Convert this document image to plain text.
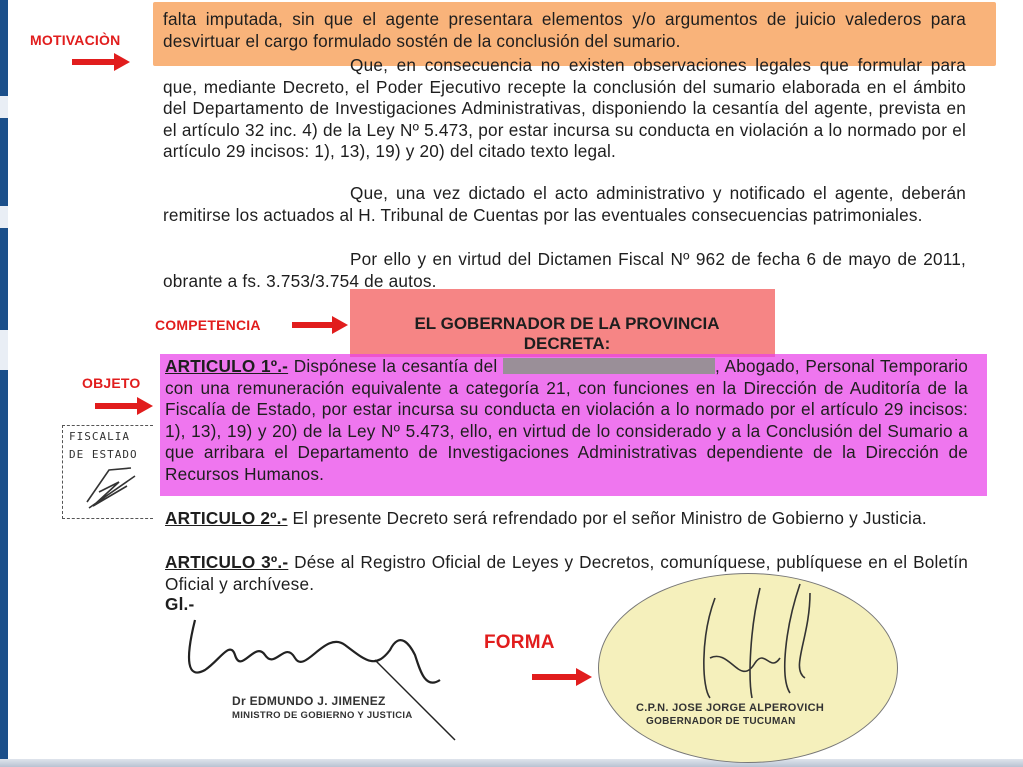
MOTIVACIÒN
COMPETENCIA
OBJETO
FORMA

falta imputada, sin que el agente presentara elementos y/o argumentos de juicio valederos para desvirtuar el cargo formulado sostén de la conclusión del sumario.

Que, en consecuencia no existen observaciones legales que formular para que, mediante Decreto, el Poder Ejecutivo recepte la conclusión del sumario elaborada en el ámbito del Departamento de Investigaciones Administrativas, disponiendo la cesantía del agente, prevista en el artículo 32 inc. 4) de la Ley Nº 5.473, por estar incursa su conducta en violación a lo normado por el artículo 29 incisos: 1), 13), 19) y 20) del citado texto legal.

Que, una vez dictado el acto administrativo y notificado el agente, deberán remitirse los actuados al H. Tribunal de Cuentas por las eventuales consecuencias patrimoniales.

Por ello y en virtud del Dictamen Fiscal Nº 962 de fecha 6 de mayo de 2011, obrante a fs. 3.753/3.754 de autos.

EL GOBERNADOR DE LA PROVINCIA
DECRETA:

ARTICULO 1º.- Dispónese la cesantía del	, Abogado, Personal Temporario con una remuneración equivalente a categoría 21, con funciones en la Dirección de Auditoría de la Fiscalía de Estado, por estar incursa su conducta en violación a lo normado por el artículo 29 incisos: 1), 13), 19) y 20) de la Ley Nº 5.473, ello, en virtud de lo considerado y a la Conclusión del Sumario a que arribara el Departamento de Investigaciones Administrativas dependiente de la Dirección de Recursos Humanos.

ARTICULO 2º.- El presente Decreto será refrendado por el señor Ministro de Gobierno y Justicia.

ARTICULO 3º.- Dése al Registro Oficial de Leyes y Decretos, comuníquese, publíquese en el Boletín Oficial y archívese.

Gl.-
FISCALIA
DE ESTADO
Dr EDMUNDO J. JIMENEZ
MINISTRO DE GOBIERNO Y JUSTICIA
C.P.N. JOSE JORGE ALPEROVICH
GOBERNADOR DE TUCUMAN
